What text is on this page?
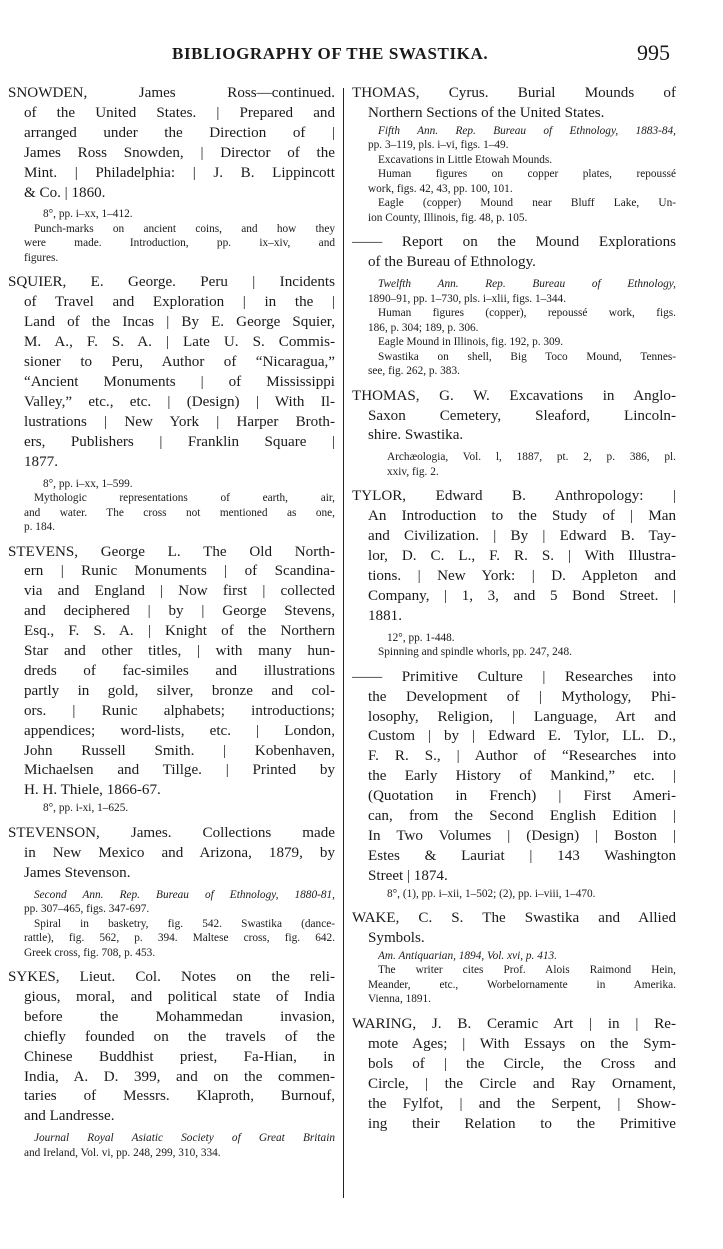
BIBLIOGRAPHY OF THE SWASTIKA.	995
SNOWDEN, James Ross—continued.
of the United States. | Prepared and
arranged under the Direction of |
James Ross Snowden, | Director of the
Mint. | Philadelphia: | J. B. Lippincott
& Co. | 1860.
8°, pp. i–xx, 1–412.
Punch-marks on ancient coins, and how they
were made. Introduction, pp. ix–xiv, and
figures.
SQUIER, E. George. Peru | Incidents
of Travel and Exploration | in the |
Land of the Incas | By E. George Squier,
M. A., F. S. A. | Late U. S. Commis-
sioner to Peru, Author of “Nicaragua,”
“Ancient Monuments | of Mississippi
Valley,” etc., etc. | (Design) | With Il-
lustrations | New York | Harper Broth-
ers, Publishers | Franklin Square |
1877.
8°, pp. i–xx, 1–599.
Mythologic representations of earth, air,
and water. The cross not mentioned as one,
p. 184.
STEVENS, George L. The Old North-
ern | Runic Monuments | of Scandina-
via and England | Now first | collected
and deciphered | by | George Stevens,
Esq., F. S. A. | Knight of the Northern
Star and other titles, | with many hun-
dreds of fac-similes and illustrations
partly in gold, silver, bronze and col-
ors. | Runic alphabets; introductions;
appendices; word-lists, etc. | London,
John Russell Smith. | Kobenhaven,
Michaelsen and Tillge. | Printed by
H. H. Thiele, 1866-67.
8°, pp. i-xi, 1–625.
STEVENSON, James. Collections made
in New Mexico and Arizona, 1879, by
James Stevenson.
Second Ann. Rep. Bureau of Ethnology, 1880-81,
pp. 307–465, figs. 347-697.
Spiral in basketry, fig. 542. Swastika (dance-
rattle), fig. 562, p. 394. Maltese cross, fig. 642.
Greek cross, fig. 708, p. 453.
SYKES, Lieut. Col. Notes on the reli-
gious, moral, and political state of India
before the Mohammedan invasion,
chiefly founded on the travels of the
Chinese Buddhist priest, Fa-Hian, in
India, A. D. 399, and on the commen-
taries of Messrs. Klaproth, Burnouf,
and Landresse.
Journal Royal Asiatic Society of Great Britain
and Ireland, Vol. vi, pp. 248, 299, 310, 334.
THOMAS, Cyrus. Burial Mounds of
Northern Sections of the United States.
Fifth Ann. Rep. Bureau of Ethnology, 1883-84,
pp. 3–119, pls. i–vi, figs. 1–49.
Excavations in Little Etowah Mounds.
Human figures on copper plates, repoussé
work, figs. 42, 43, pp. 100, 101.
Eagle (copper) Mound near Bluff Lake, Un-
ion County, Illinois, fig. 48, p. 105.
—— Report on the Mound Explorations
of the Bureau of Ethnology.
Twelfth Ann. Rep. Bureau of Ethnology,
1890–91, pp. 1–730, pls. i–xlii, figs. 1–344.
Human figures (copper), repoussé work, figs.
186, p. 304; 189, p. 306.
Eagle Mound in Illinois, fig. 192, p. 309.
Swastika on shell, Big Toco Mound, Tennes-
see, fig. 262, p. 383.
THOMAS, G. W. Excavations in Anglo-
Saxon Cemetery, Sleaford, Lincoln-
shire. Swastika.
Archæologia, Vol. l, 1887, pt. 2, p. 386, pl.
xxiv, fig. 2.
TYLOR, Edward B. Anthropology: |
An Introduction to the Study of | Man
and Civilization. | By | Edward B. Tay-
lor, D. C. L., F. R. S. | With Illustra-
tions. | New York: | D. Appleton and
Company, | 1, 3, and 5 Bond Street. |
1881.
12°, pp. 1-448.
Spinning and spindle whorls, pp. 247, 248.
—— Primitive Culture | Researches into
the Development of | Mythology, Phi-
losophy, Religion, | Language, Art and
Custom | by | Edward E. Tylor, LL. D.,
F. R. S., | Author of “Researches into
the Early History of Mankind,” etc. |
(Quotation in French) | First Ameri-
can, from the Second English Edition |
In Two Volumes | (Design) | Boston |
Estes & Lauriat | 143 Washington
Street | 1874.
8°, (1), pp. i–xii, 1–502; (2), pp. i–viii, 1–470.
WAKE, C. S. The Swastika and Allied
Symbols.
Am. Antiquarian, 1894, Vol. xvi, p. 413.
The writer cites Prof. Alois Raimond Hein,
Meander, etc., Worbelornamente in Amerika.
Vienna, 1891.
WARING, J. B. Ceramic Art | in | Re-
mote Ages; | With Essays on the Sym-
bols of | the Circle, the Cross and
Circle, | the Circle and Ray Ornament,
the Fylfot, | and the Serpent, | Show-
ing their Relation to the Primitive
